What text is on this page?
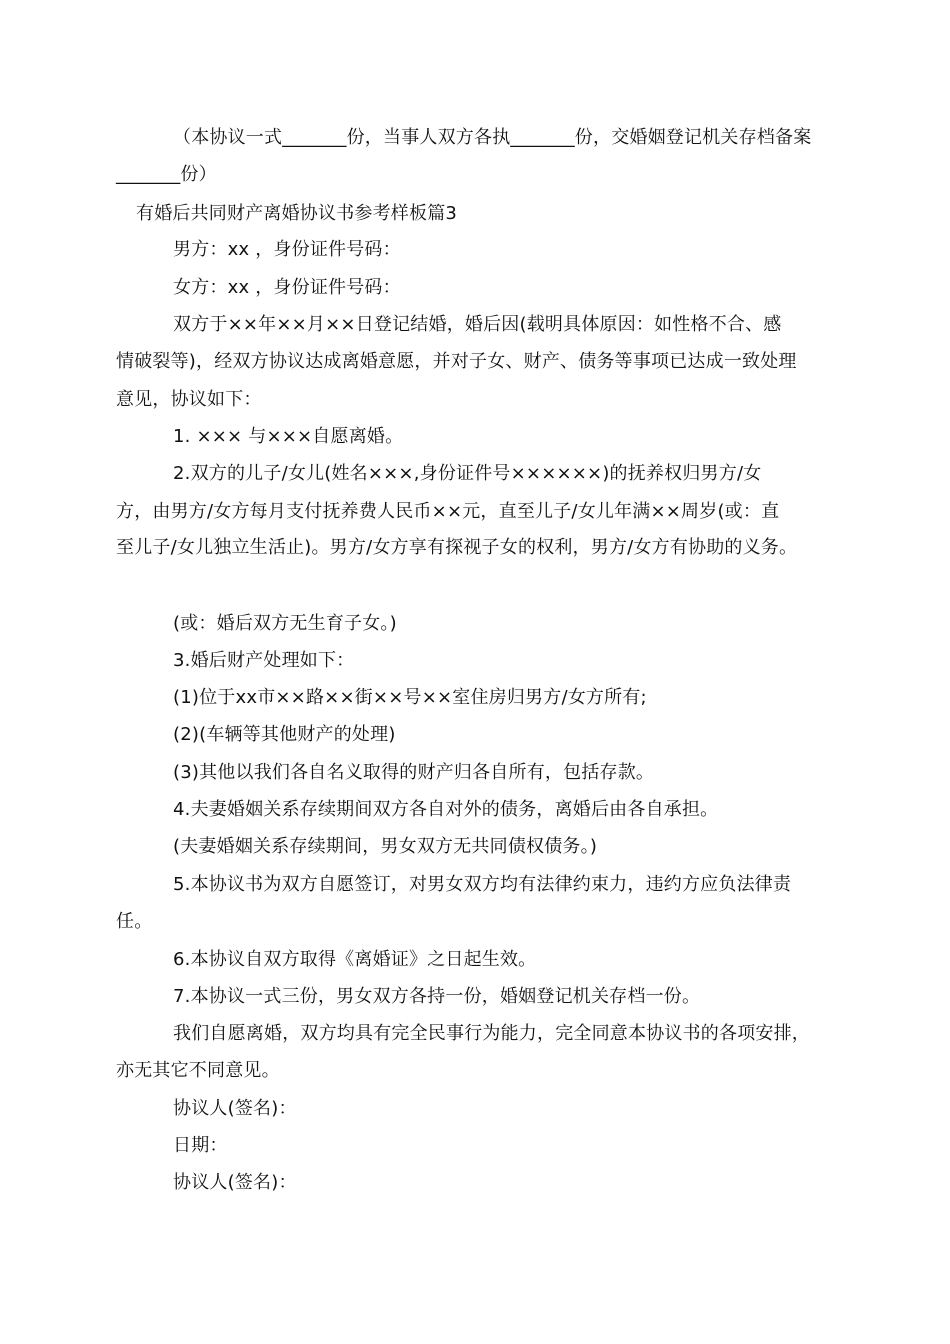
（本协议一式_______份，当事人双方各执_______份，交婚姻登记机关存档备案
_______份）
有婚后共同财产离婚协议书参考样板篇3
男方：xx ，身份证件号码：
女方：xx ，身份证件号码：
双方于××年××月××日登记结婚，婚后因(载明具体原因：如性格不合、感
情破裂等)，经双方协议达成离婚意愿，并对子女、财产、债务等事项已达成一致处理
意见，协议如下：
1. ××× 与×××自愿离婚。
2.双方的儿子/女儿(姓名×××,身份证件号××××××)的抚养权归男方/女
方，由男方/女方每月支付抚养费人民币××元，直至儿子/女儿年满××周岁(或：直
至儿子/女儿独立生活止)。男方/女方享有探视子女的权利，男方/女方有协助的义务。
(或：婚后双方无生育子女。)
3.婚后财产处理如下：
(1)位于xx市××路××街××号××室住房归男方/女方所有;
(2)(车辆等其他财产的处理)
(3)其他以我们各自名义取得的财产归各自所有，包括存款。
4.夫妻婚姻关系存续期间双方各自对外的债务，离婚后由各自承担。
(夫妻婚姻关系存续期间，男女双方无共同债权债务。)
5.本协议书为双方自愿签订，对男女双方均有法律约束力，违约方应负法律责
任。
6.本协议自双方取得《离婚证》之日起生效。
7.本协议一式三份，男女双方各持一份，婚姻登记机关存档一份。
我们自愿离婚，双方均具有完全民事行为能力，完全同意本协议书的各项安排，
亦无其它不同意见。
协议人(签名)：
日期：
协议人(签名)：
